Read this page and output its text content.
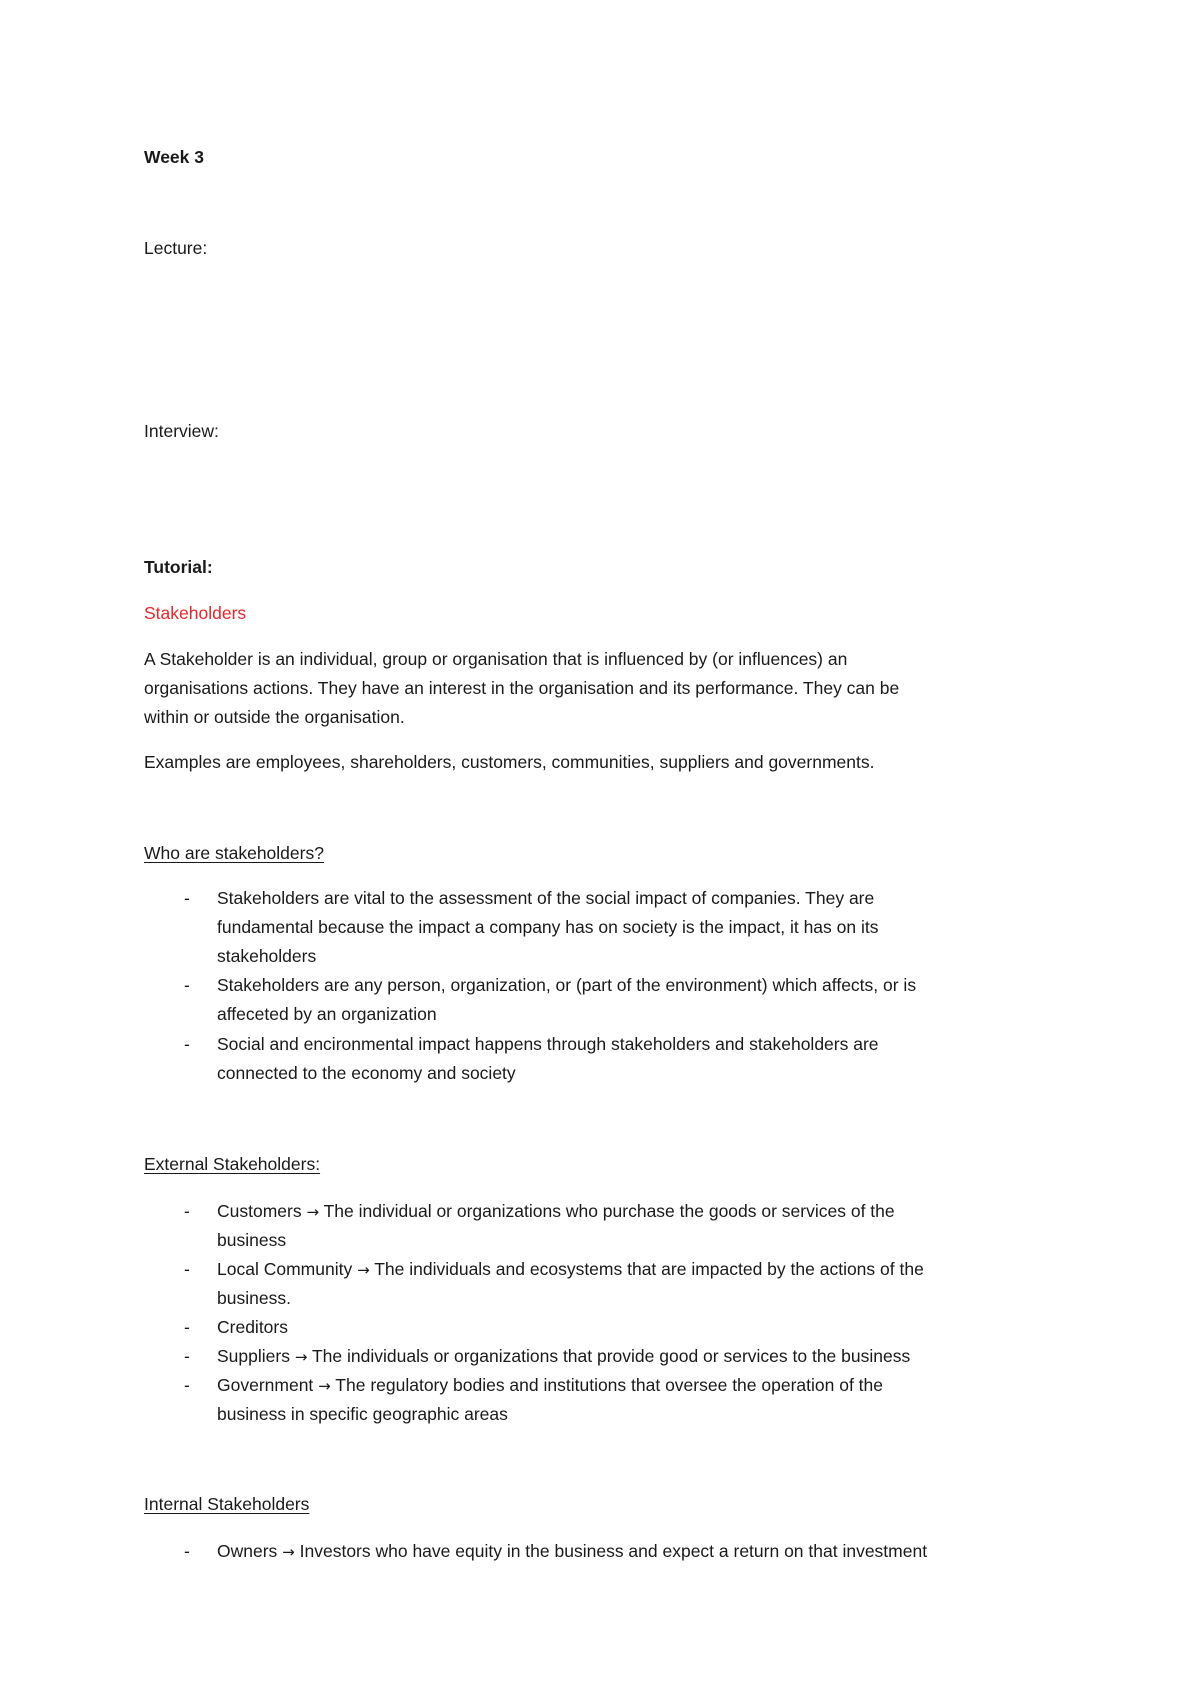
Week 3

Lecture:

Interview:

Tutorial:

Stakeholders

A Stakeholder is an individual, group or organisation that is influenced by (or influences) an

organisations actions. They have an interest in the organisation and its performance. They can be

within or outside the organisation.

Examples are employees, shareholders, customers, communities, suppliers and governments.

Who are stakeholders?

- Stakeholders are vital to the assessment of the social impact of companies. They are
fundamental because the impact a company has on society is the impact, it has on its
stakeholders
- Stakeholders are any person, organization, or (part of the environment) which affects, or is
affeceted by an organization
- Social and encironmental impact happens through stakeholders and stakeholders are
connected to the economy and society

External Stakeholders:

- Customers → The individual or organizations who purchase the goods or services of the
business
- Local Community → The individuals and ecosystems that are impacted by the actions of the
business.
- Creditors
- Suppliers → The individuals or organizations that provide good or services to the business
- Government → The regulatory bodies and institutions that oversee the operation of the
business in specific geographic areas

Internal Stakeholders

- Owners → Investors who have equity in the business and expect a return on that investment
